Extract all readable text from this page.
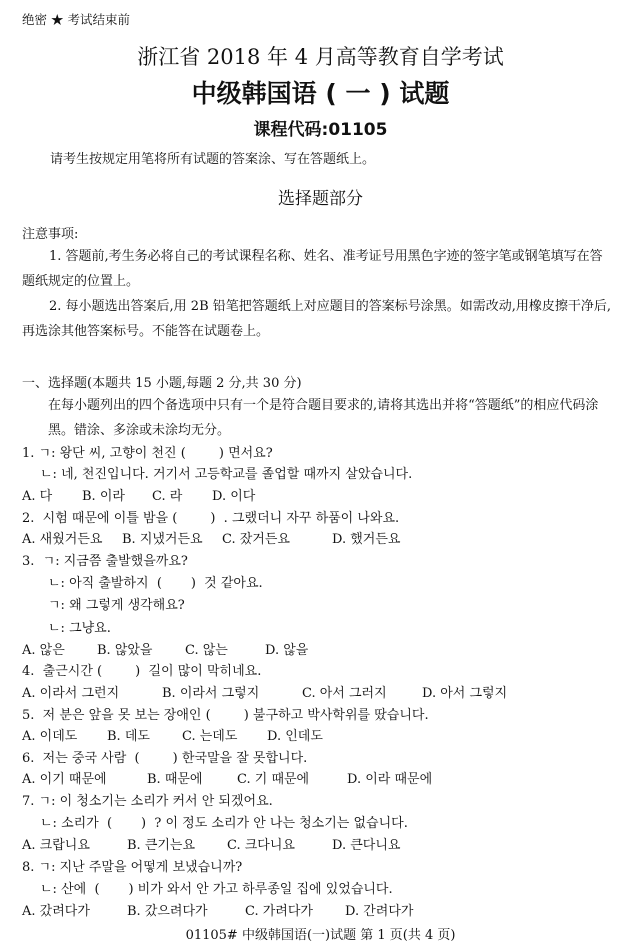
绝密 ★ 考试结束前
浙江省 2018 年 4 月高等教育自学考试
中级韩国语 ( 一 ) 试题
课程代码:01105
请考生按规定用笔将所有试题的答案涂、写在答题纸上。
选择题部分
注意事项:
1. 答题前,考生务必将自己的考试课程名称、姓名、准考证号用黑色字迹的签字笔或钢笔填写在答题纸规定的位置上。
2. 每小题选出答案后,用 2B 铅笔把答题纸上对应题目的答案标号涂黑。如需改动,用橡皮擦干净后,再选涂其他答案标号。不能答在试题卷上。
一、选择题(本题共 15 小题,每题 2 分,共 30 分)
在每小题列出的四个备选项中只有一个是符合题目要求的,请将其选出并将“答题纸”的相应代码涂黑。错涂、多涂或未涂均无分。
1. ㄱ: 왕단 씨, 고향이 천진 (        ) 면서요?
ㄴ: 네, 천진입니다. 거기서 고등학교를 졸업할 때까지 살았습니다.
A. 다 B. 이라 C. 라 D. 이다
2.  시험 때문에 이틀 밤을 (        )  . 그랬더니 자꾸 하품이 나와요.
A. 새웠거든요 B. 지냈거든요 C. 잤거든요	D. 했거든요
3.  ㄱ: 지금쯤 출발했을까요?
ㄴ: 아직 출발하지  (       )  것 같아요.
ㄱ: 왜 그렇게 생각해요?
ㄴ: 그냥요.
A. 않은 B. 않았을	C. 않는	D. 않을
4.  출근시간 (        )  길이 많이 막히네요.
A. 이라서 그런지	B. 이라서 그렇지	C. 아서 그러지	D. 아서 그렇지
5.  저 분은 앞을 못 보는 장애인 (        ) 불구하고 박사학위를 땄습니다.
A. 이데도 B. 데도 C. 는데도 D. 인데도
6.  저는 중국 사람  (        ) 한국말을 잘 못합니다.
A. 이기 때문에	B. 때문에	C. 기 때문에	D. 이라 때문에
7. ㄱ: 이 청소기는 소리가 커서 안 되겠어요.
ㄴ: 소리가  (       )  ? 이 정도 소리가 안 나는 청소기는 없습니다.
A. 크랍니요	B. 큰기는요 C. 크다니요	D. 큰다니요
8. ㄱ: 지난 주말을 어떻게 보냈습니까?
ㄴ: 산에  (       ) 비가 와서 안 가고 하루종일 집에 있었습니다.
A. 갔려다가	B. 갔으려다가	C. 가려다가 D. 간려다가
01105# 中级韩国语(一)试题 第 1 页(共 4 页)
